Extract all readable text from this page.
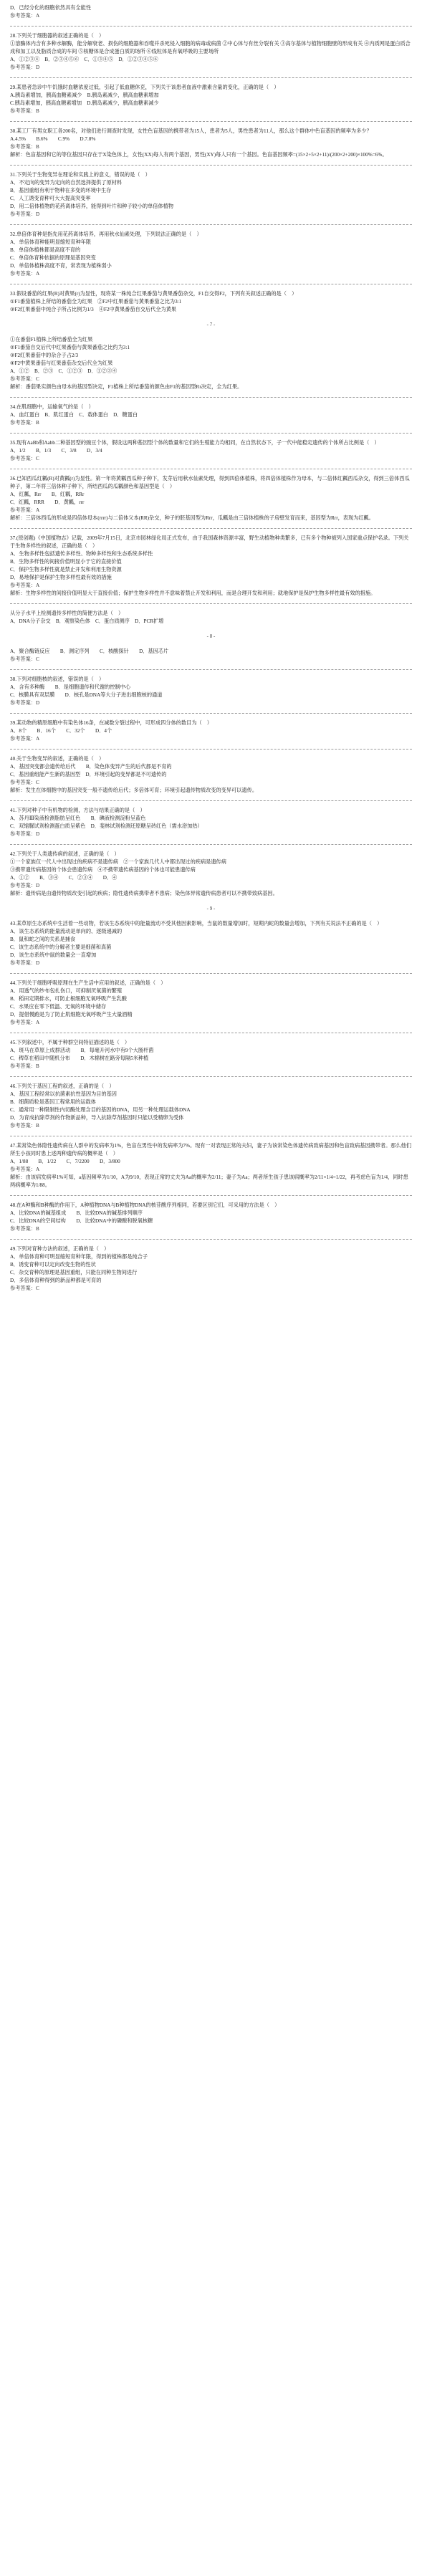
D．已经分化的细胞依然具有全能性
参考答案：A
28.下列关于细胞器的叙述正确的是（　）
①溶酶体内含有多种水解酶，能分解衰老、损伤的细胞器和吞噬并杀死侵入细胞的病毒或病菌 ②中心体与有丝分裂有关 ③高尔基体与植物细胞壁的形成有关 ④内质网是蛋白质合成和加工以及脂质合成的车间 ⑤核糖体是合成蛋白质的场所 ⑥线粒体是有氧呼吸的主要场所
A．①②③④　B．②③④⑤⑥　C．①③④⑤　D．①②③④⑤⑥
参考答案：D
29.某患者急诊中午饥饿时血糖浓度过低，引起了低血糖休克，下列关于该患者血液中激素含量的变化，正确的是（　）
A.胰岛素增加，胰高血糖素减少　B.胰岛素减少，胰高血糖素增加
C.胰岛素增加，胰高血糖素增加　D.胰岛素减少，胰高血糖素减少
参考答案：B
30.某工厂有男女职工各200名，对他们进行调查时发现，女性色盲基因的携带者为15人，患者为5人，男性患者为11人，那么这个群体中色盲基因的频率为多少？
A.4.5%　　B.6%　　C.9%　　D.7.8%
参考答案：B
解析：色盲基因和它的等位基因只存在于X染色体上，女性(XX)每人有两个基因，男性(XY)每人只有一个基因。色盲基因频率=(15×2+5×2+11)/(200×2+200)×100%=6%。
31.下列关于生物变异在理论和实践上的意义，错误的是（　）
A．不定向的变异为定向的自然选择提供了原材料
B．基因重组有利于物种在多变的环境中生存
C．人工诱变育种可大大提高突变率
D．用二倍体植物的花药离体培养，能得到叶片和种子较小的单倍体植物
参考答案：D
32.单倍体育种是指先用花药离体培养，再用秋水仙素处理，下列说法正确的是（　）
A．单倍体育种能明显缩短育种年限
B．单倍体植株都是高度不育的
C．单倍体育种依据的原理是基因突变
D．单倍体植株高度不育，常表现为植株弱小
参考答案：A
33.假设番茄的红果(R)对黄果(r)为显性，现将某一株纯合红果番茄与黄果番茄杂交，F1自交得F2，下列有关叙述正确的是（　）
①F1番茄植株上所结的番茄全为红果　②F2中红果番茄与黄果番茄之比为3:1
③F2红果番茄中纯合子所占比例为1/3　④F2中黄果番茄自交后代全为黄果
- 7 -
①在番茄F1植株上所结番茄全为红果
②F1番茄自交后代中红果番茄与黄果番茄之比约为3:1
③F2红果番茄中的杂合子占2/3
④F2中黄果番茄与红果番茄杂交后代全为红果
A．①②　B．②③　C．①②③　D．①②③④
参考答案：C
解析：番茄果实颜色由母本的基因型决定，F1植株上所结番茄的颜色由F1的基因型Rr决定，全为红果。
34.在肌细胞中，运输氧气的是（　）
A．血红蛋白　B．肌红蛋白　C．载体蛋白　D．糖蛋白
参考答案：B
35.现有AaBb和Aabb二种基因型的豌豆个体，假设这两种基因型个体的数量和它们的生殖能力均相同，在自然状态下，子一代中能稳定遗传的个体所占比例是（　）
A．1/2　　B．1/3　　C．3/8　　D．3/4
参考答案：C
36.已知西瓜红瓤(R)对黄瓤(r)为显性。第一年将黄瓤西瓜种子种下，发芽后用秋水仙素处理，得到四倍体植株，将四倍体植株作为母本，与二倍体红瓤西瓜杂交，得到三倍体西瓜种子，第二年将三倍体种子种下，所结西瓜的瓜瓤颜色和基因型是（　）
A．红瓤，Rrr　　B．红瓤，RRr
C．红瓤，RRR　　D．黄瓤，rrr
参考答案：A
解析：三倍体西瓜的形成是四倍体母本(rrrr)与二倍体父本(RR)杂交，种子的胚基因型为Rrr，瓜瓤是由三倍体植株的子房壁发育而来，基因型为Rrr，表现为红瓤。
37.(原创题)《中国植物志》记载，2009年7月15日，北京市园林绿化局正式发布，由于我国森林资源丰富，野生动植物种类繁多，已有多个物种被列入国家重点保护名录。下列关于生物多样性的叙述，正确的是（　）
A．生物多样性包括遗传多样性、物种多样性和生态系统多样性
B．生物多样性的间接价值明显小于它的直接价值
C．保护生物多样性就是禁止开发和利用生物资源
D．易地保护是保护生物多样性最有效的措施
参考答案：A
解析：生物多样性的间接价值明显大于直接价值；保护生物多样性并不意味着禁止开发和利用，而是合理开发和利用；就地保护是保护生物多样性最有效的措施。
从分子水平上检测遗传多样性的简便方法是（　）
A．DNA分子杂交　B．观察染色体　C．蛋白质测序　D．PCR扩增
- 8 -
A．聚合酶链反应　　B．测定序列　　C．核酸探针　　D．基因芯片
参考答案：C
38.下列对细胞核的叙述，错误的是（　）
A．含有多种酶　　B．是细胞遗传和代谢的控制中心
C．核膜具有双层膜　　D．核孔是DNA等大分子进出细胞核的通道
参考答案：D
39.某动物的精原细胞中有染色体16条，在减数分裂过程中，可形成四分体的数目为（　）
A．8个　　B．16个　　C．32个　　D．4个
参考答案：A
40.关于生物变异的叙述，正确的是（　）
A．基因突变都会遗传给后代　　B．染色体变异产生的后代都是不育的
C．基因重组能产生新的基因型　D．环境引起的变异都是不可遗传的
参考答案：C
解析：发生在体细胞中的基因突变一般不遗传给后代；多倍体可育；环境引起遗传物质改变的变异可以遗传。
41.下列对种子中有机物的检测，方法与结果正确的是（　）
A．苏丹Ⅲ染液检测脂肪呈红色　　B．碘液检测淀粉呈蓝色
C．双缩脲试剂检测蛋白质呈紫色　D．斐林试剂检测还原糖呈砖红色（需水浴加热）
参考答案：D
42.下列关于人类遗传病的叙述，正确的是（　）
①一个家族仅一代人中出现过的疾病不是遗传病　②一个家族几代人中都出现过的疾病是遗传病
③携带遗传病基因的个体会患遗传病　④不携带遗传病基因的个体也可能患遗传病
A．①②　　B．③④　　C．②③④　　D．④
参考答案：D
解析：遗传病是由遗传物质改变引起的疾病；隐性遗传病携带者不患病；染色体异常遗传病患者可以不携带致病基因。
- 9 -
43.某草原生态系统中生活着一些动物，若该生态系统中的能量流动不受其他因素影响，当鼠的数量增加时，短期内蛇的数量会增加，下列有关说法不正确的是（　）
A．该生态系统的能量流动是单向的、逐级递减的
B．鼠和蛇之间的关系是捕食
C．该生态系统中的分解者主要是细菌和真菌
D．该生态系统中鼠的数量会一直增加
参考答案：D
44.下列关于细胞呼吸原理在生产生活中应用的叙述，正确的是（　）
A．用透气的纱布包扎伤口，可抑制厌氧菌的繁殖
B．稻田定期排水，可防止根细胞无氧呼吸产生乳酸
C．水果应在零下低温、无氧的环境中储存
D．提倡慢跑是为了防止肌细胞无氧呼吸产生大量酒精
参考答案：A
45.下列叙述中，不属于种群空间特征描述的是（　）
A．斑马在草原上成群活动　　B．每毫升河水中有9个大肠杆菌
C．稗草在稻田中随机分布　　D．木棉树在路旁每隔5米种植
参考答案：B
46.下列关于基因工程的叙述，正确的是（　）
A．基因工程经常以抗菌素抗性基因为目的基因
B．细菌质粒是基因工程常用的运载体
C．通常用一种限制性内切酶处理含目的基因的DNA，用另一种处理运载体DNA
D．为育成抗除草剂的作物新品种，导入抗除草剂基因时只能以受精卵为受体
参考答案：B
47.某常染色体隐性遗传病在人群中的发病率为1%，色盲在男性中的发病率为7%。现有一对表现正常的夫妇，妻子为该常染色体遗传病致病基因和色盲致病基因携带者。那么他们所生小孩同时患上述两种遗传病的概率是（　）
A．1/88　　B．1/22　　C．7/2200　　D．3/800
参考答案：A
解析：由该病发病率1%可知，a基因频率为1/10，A为9/10，表现正常的丈夫为Aa的概率为2/11；妻子为Aa；两者所生孩子患该病概率为2/11×1/4=1/22，再考虑色盲为1/4，同时患两病概率为1/88。
48.在A种酶和B种酶的作用下，A种植物DNA与B种植物DNA的核苷酸序列相同，若要区别它们，可采用的方法是（　）
A．比较DNA的碱基组成　　B．比较DNA的碱基排列顺序
C．比较DNA的空间结构　　D．比较DNA中的磷酸和脱氧核糖
参考答案：B
49.下列对育种方法的叙述，正确的是（　）
A．单倍体育种可明显缩短育种年限，得到的植株都是纯合子
B．诱变育种可以定向改变生物的性状
C．杂交育种的原理是基因重组，只能在同种生物间进行
D．多倍体育种得到的新品种都是可育的
参考答案：C
